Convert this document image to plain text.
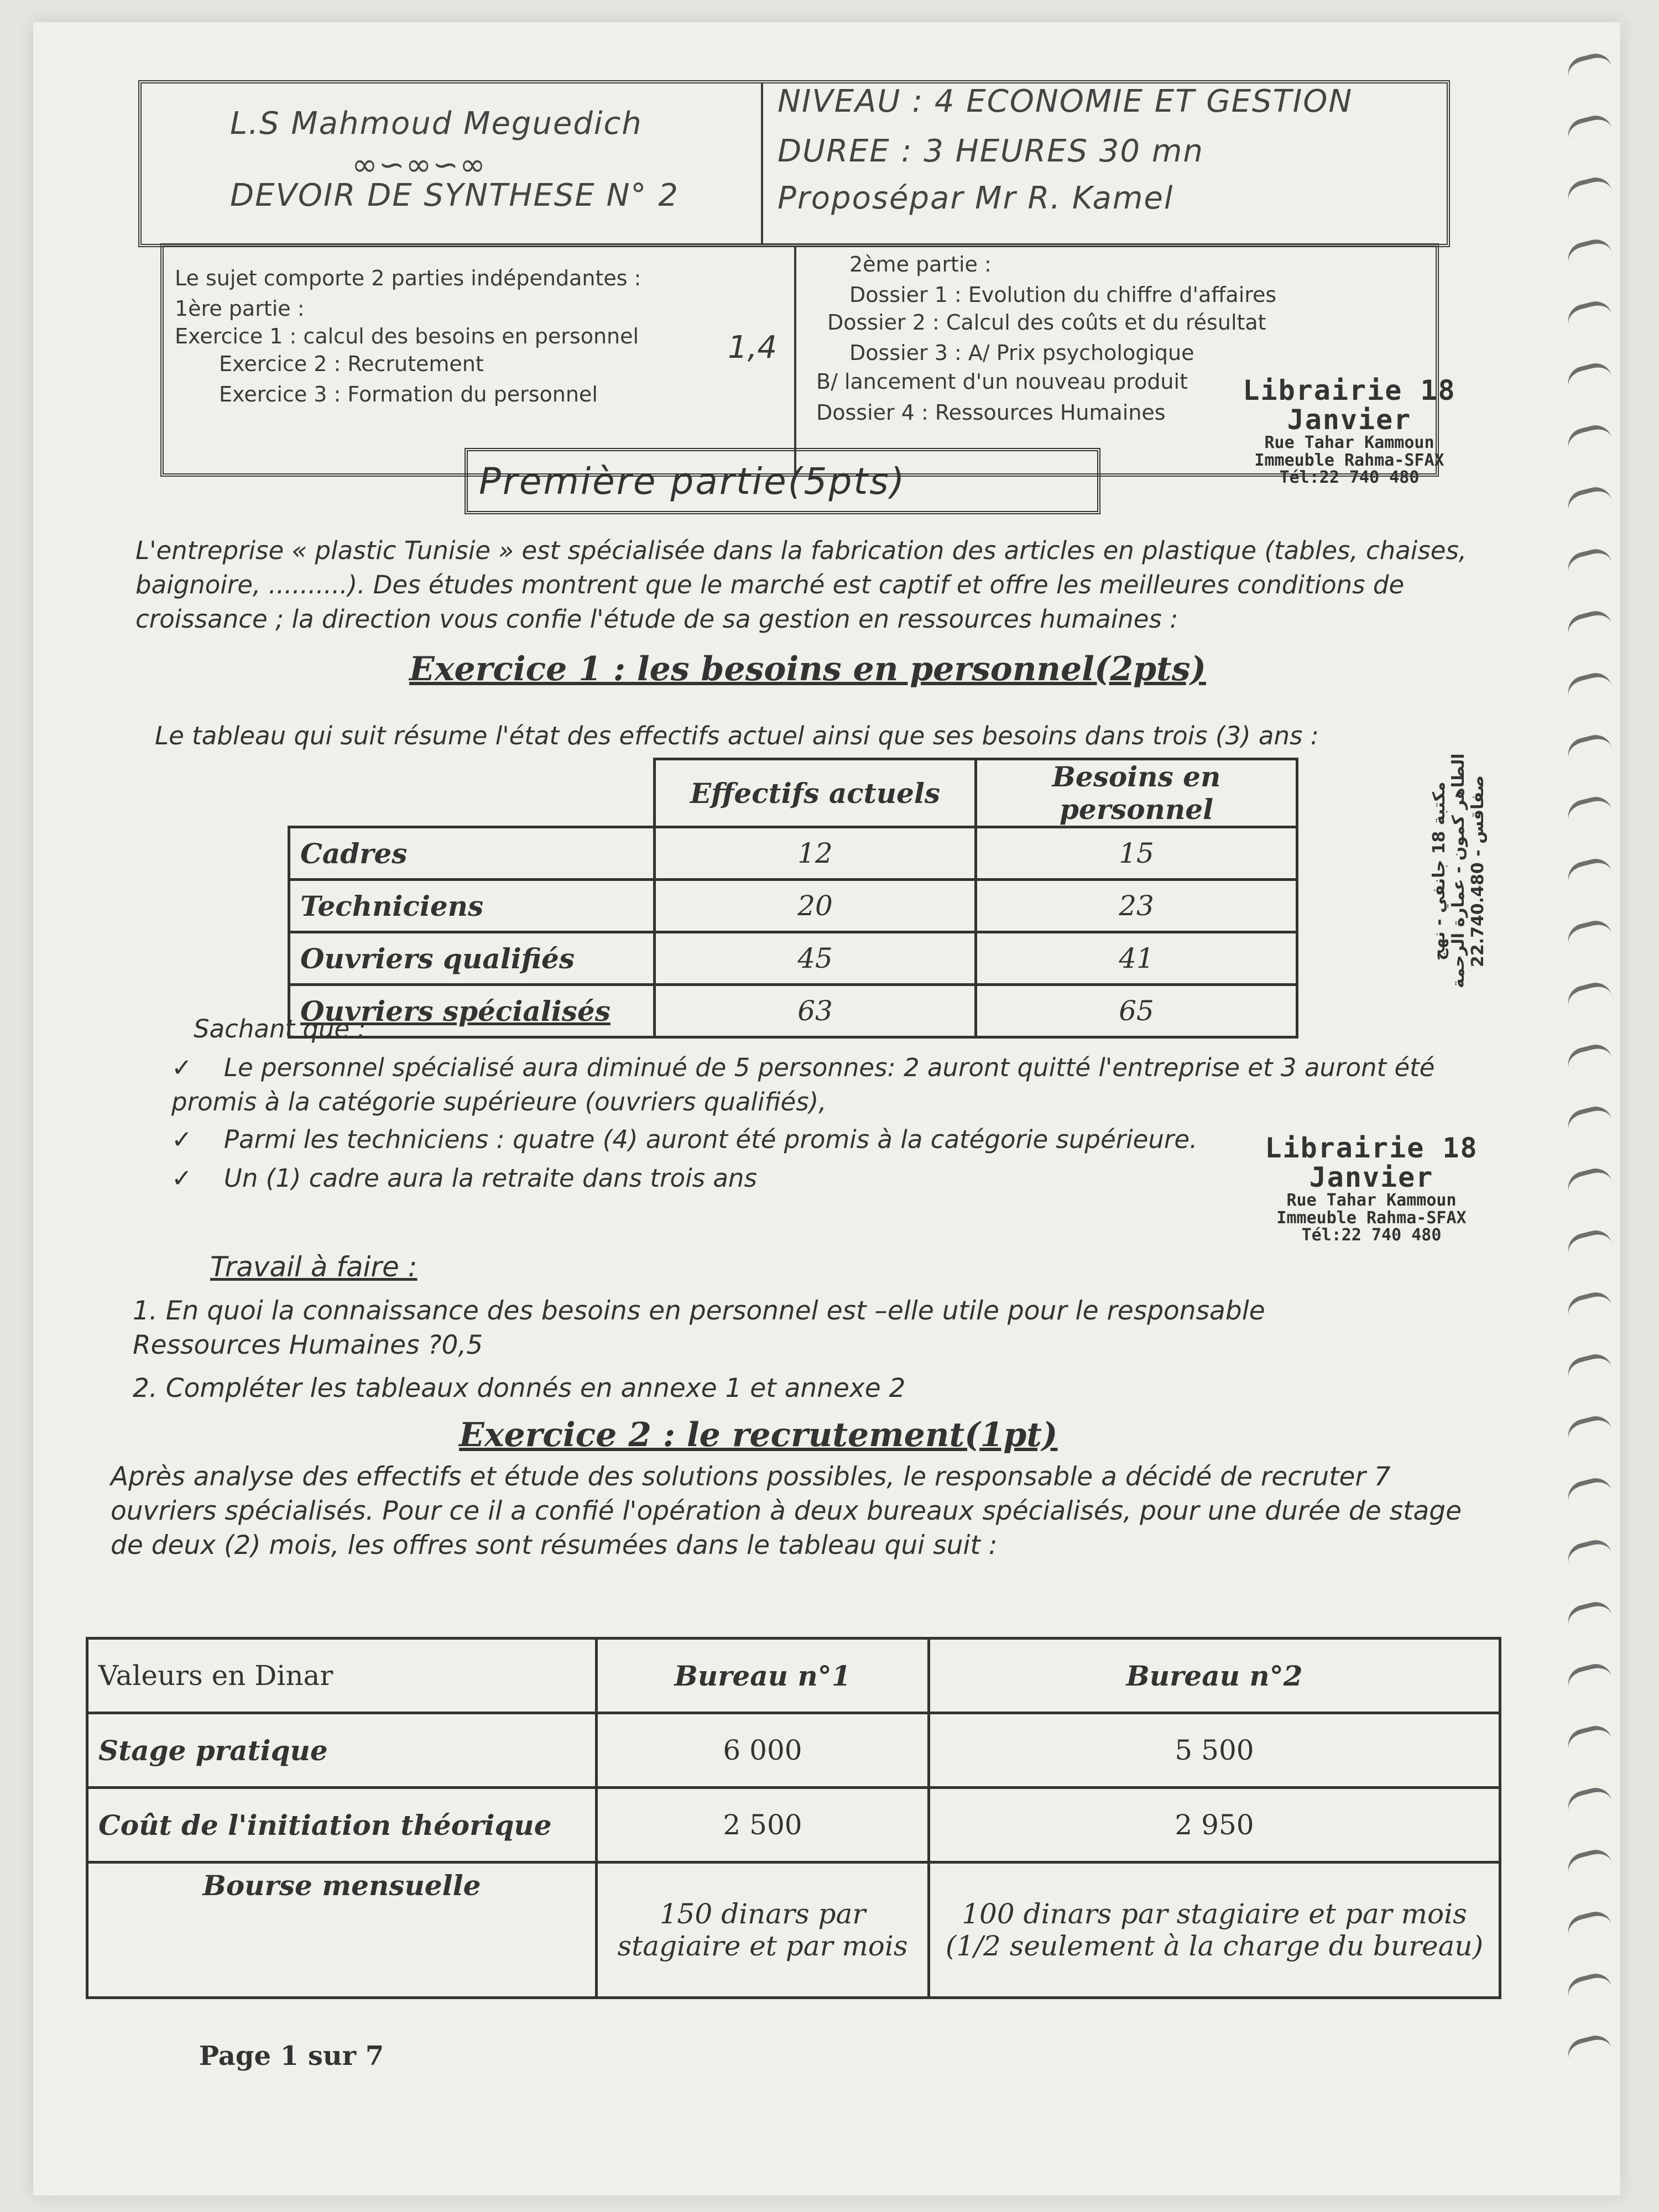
L.S Mahmoud Meguedich
∞∽∞∽∞
DEVOIR DE SYNTHESE N° 2
NIVEAU : 4 ECONOMIE ET GESTION
DUREE : 3 HEURES 30 mn
Proposépar Mr R. Kamel
Le sujet comporte 2 parties indépendantes :
1ère partie :
Exercice 1 : calcul des besoins en personnel
Exercice 2 : Recrutement
Exercice 3 : Formation du personnel
1,4
2ème partie :
Dossier 1 : Evolution du chiffre d'affaires
Dossier 2 : Calcul des coûts et du résultat
Dossier 3 : A/ Prix psychologique
B/ lancement d'un nouveau produit
Dossier 4 : Ressources Humaines
Librairie 18 Janvier
Rue Tahar Kammoun
Immeuble Rahma-SFAX
Tél:22 740 480
Première partie(5pts)
L'entreprise « plastic Tunisie » est spécialisée dans la fabrication des articles en plastique (tables, chaises, baignoire, ..........). Des études montrent que le marché est captif et offre les meilleures conditions de croissance ; la direction vous confie l'étude de sa gestion en ressources humaines :
Exercice 1 : les besoins en personnel(2pts)
Le tableau qui suit résume l'état des effectifs actuel ainsi que ses besoins dans trois (3) ans :
	Effectifs actuels	Besoins en personnel
Cadres	12	15
Techniciens	20	23
Ouvriers qualifiés	45	41
Ouvriers spécialisés	63	65
مكتبة 18 جانفي - نهج الطاهر كمون - عمارة الرحمة صفاقس - 22.740.480
Sachant que :
✓    Le personnel spécialisé aura diminué de 5 personnes: 2 auront quitté l'entreprise et 3 auront été promis à la catégorie supérieure (ouvriers qualifiés),
✓    Parmi les techniciens : quatre (4) auront été promis à la catégorie supérieure.
✓    Un (1) cadre aura la retraite dans trois ans
Librairie 18 Janvier
Rue Tahar Kammoun
Immeuble Rahma-SFAX
Tél:22 740 480
Travail à faire :
1. En quoi la connaissance des besoins en personnel est –elle utile pour le responsable Ressources Humaines ?0,5
2. Compléter les tableaux donnés en annexe 1 et annexe 2
Exercice 2 : le recrutement(1pt)
Après analyse des effectifs et étude des solutions possibles, le responsable a décidé de recruter 7 ouvriers spécialisés. Pour ce il a confié l'opération à deux bureaux spécialisés, pour une durée de stage de deux (2) mois, les offres sont résumées dans le tableau qui suit :
Valeurs en Dinar	Bureau n°1	Bureau n°2
Stage pratique	6 000	5 500
Coût de l'initiation théorique	2 500	2 950
Bourse mensuelle	150 dinars par stagiaire et par mois	100 dinars par stagiaire et par mois (1/2 seulement à la charge du bureau)
Page 1 sur 7
